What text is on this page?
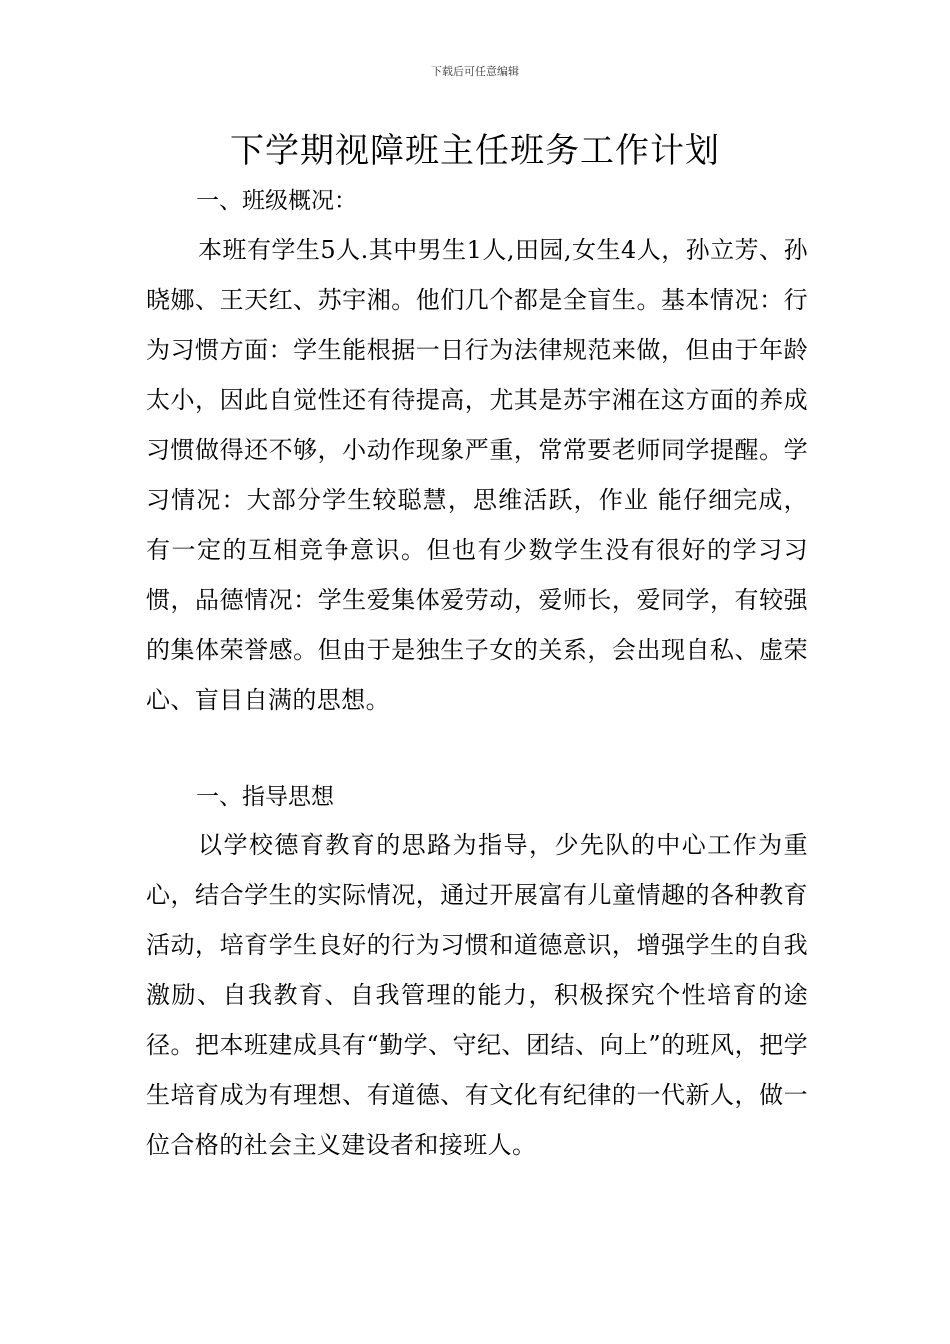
下载后可任意编辑
下学期视障班主任班务工作计划
一、班级概况：

本班有学生5人.其中男生1人,田园,女生4人，孙立芳、孙晓娜、王天红、苏宇湘。他们几个都是全盲生。基本情况：行为习惯方面：学生能根据一日行为法律规范来做，但由于年龄太小，因此自觉性还有待提高，尤其是苏宇湘在这方面的养成习惯做得还不够，小动作现象严重，常常要老师同学提醒。学习情况：大部分学生较聪慧，思维活跃，作业 能仔细完成，有一定的互相竞争意识。但也有少数学生没有很好的学习习惯，品德情况：学生爱集体爱劳动，爱师长，爱同学，有较强的集体荣誉感。但由于是独生子女的关系，会出现自私、虚荣心、盲目自满的思想。

一、指导思想

以学校德育教育的思路为指导，少先队的中心工作为重心，结合学生的实际情况，通过开展富有儿童情趣的各种教育活动，培育学生良好的行为习惯和道德意识，增强学生的自我激励、自我教育、自我管理的能力，积极探究个性培育的途径。把本班建成具有“勤学、守纪、团结、向上”的班风，把学生培育成为有理想、有道德、有文化有纪律的一代新人，做一位合格的社会主义建设者和接班人。
